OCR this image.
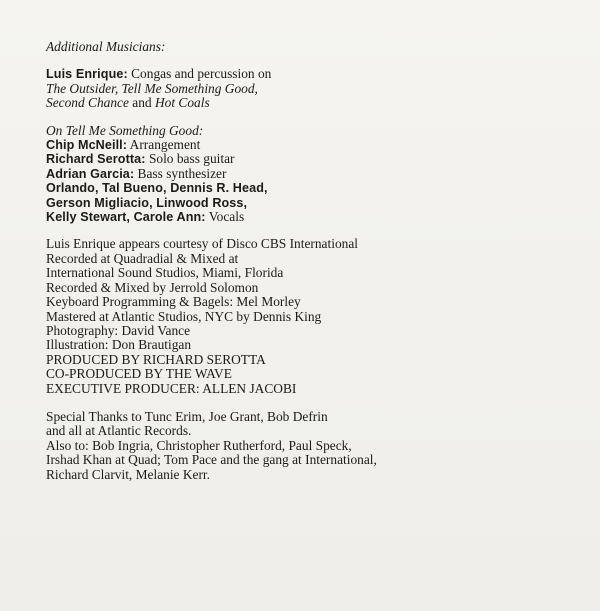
Additional Musicians:
Luis Enrique: Congas and percussion on
The Outsider, Tell Me Something Good,
Second Chance and Hot Coals
On Tell Me Something Good:
Chip McNeill: Arrangement
Richard Serotta: Solo bass guitar
Adrian Garcia: Bass synthesizer
Orlando, Tal Bueno, Dennis R. Head,
Gerson Migliacio, Linwood Ross,
Kelly Stewart, Carole Ann: Vocals
Luis Enrique appears courtesy of Disco CBS International
Recorded at Quadradial & Mixed at
International Sound Studios, Miami, Florida
Recorded & Mixed by Jerrold Solomon
Keyboard Programming & Bagels: Mel Morley
Mastered at Atlantic Studios, NYC by Dennis King
Photography: David Vance
Illustration: Don Brautigan
PRODUCED BY RICHARD SEROTTA
CO-PRODUCED BY THE WAVE
EXECUTIVE PRODUCER: ALLEN JACOBI
Special Thanks to Tunc Erim, Joe Grant, Bob Defrin
and all at Atlantic Records.
Also to: Bob Ingria, Christopher Rutherford, Paul Speck,
Irshad Khan at Quad; Tom Pace and the gang at International,
Richard Clarvit, Melanie Kerr.
